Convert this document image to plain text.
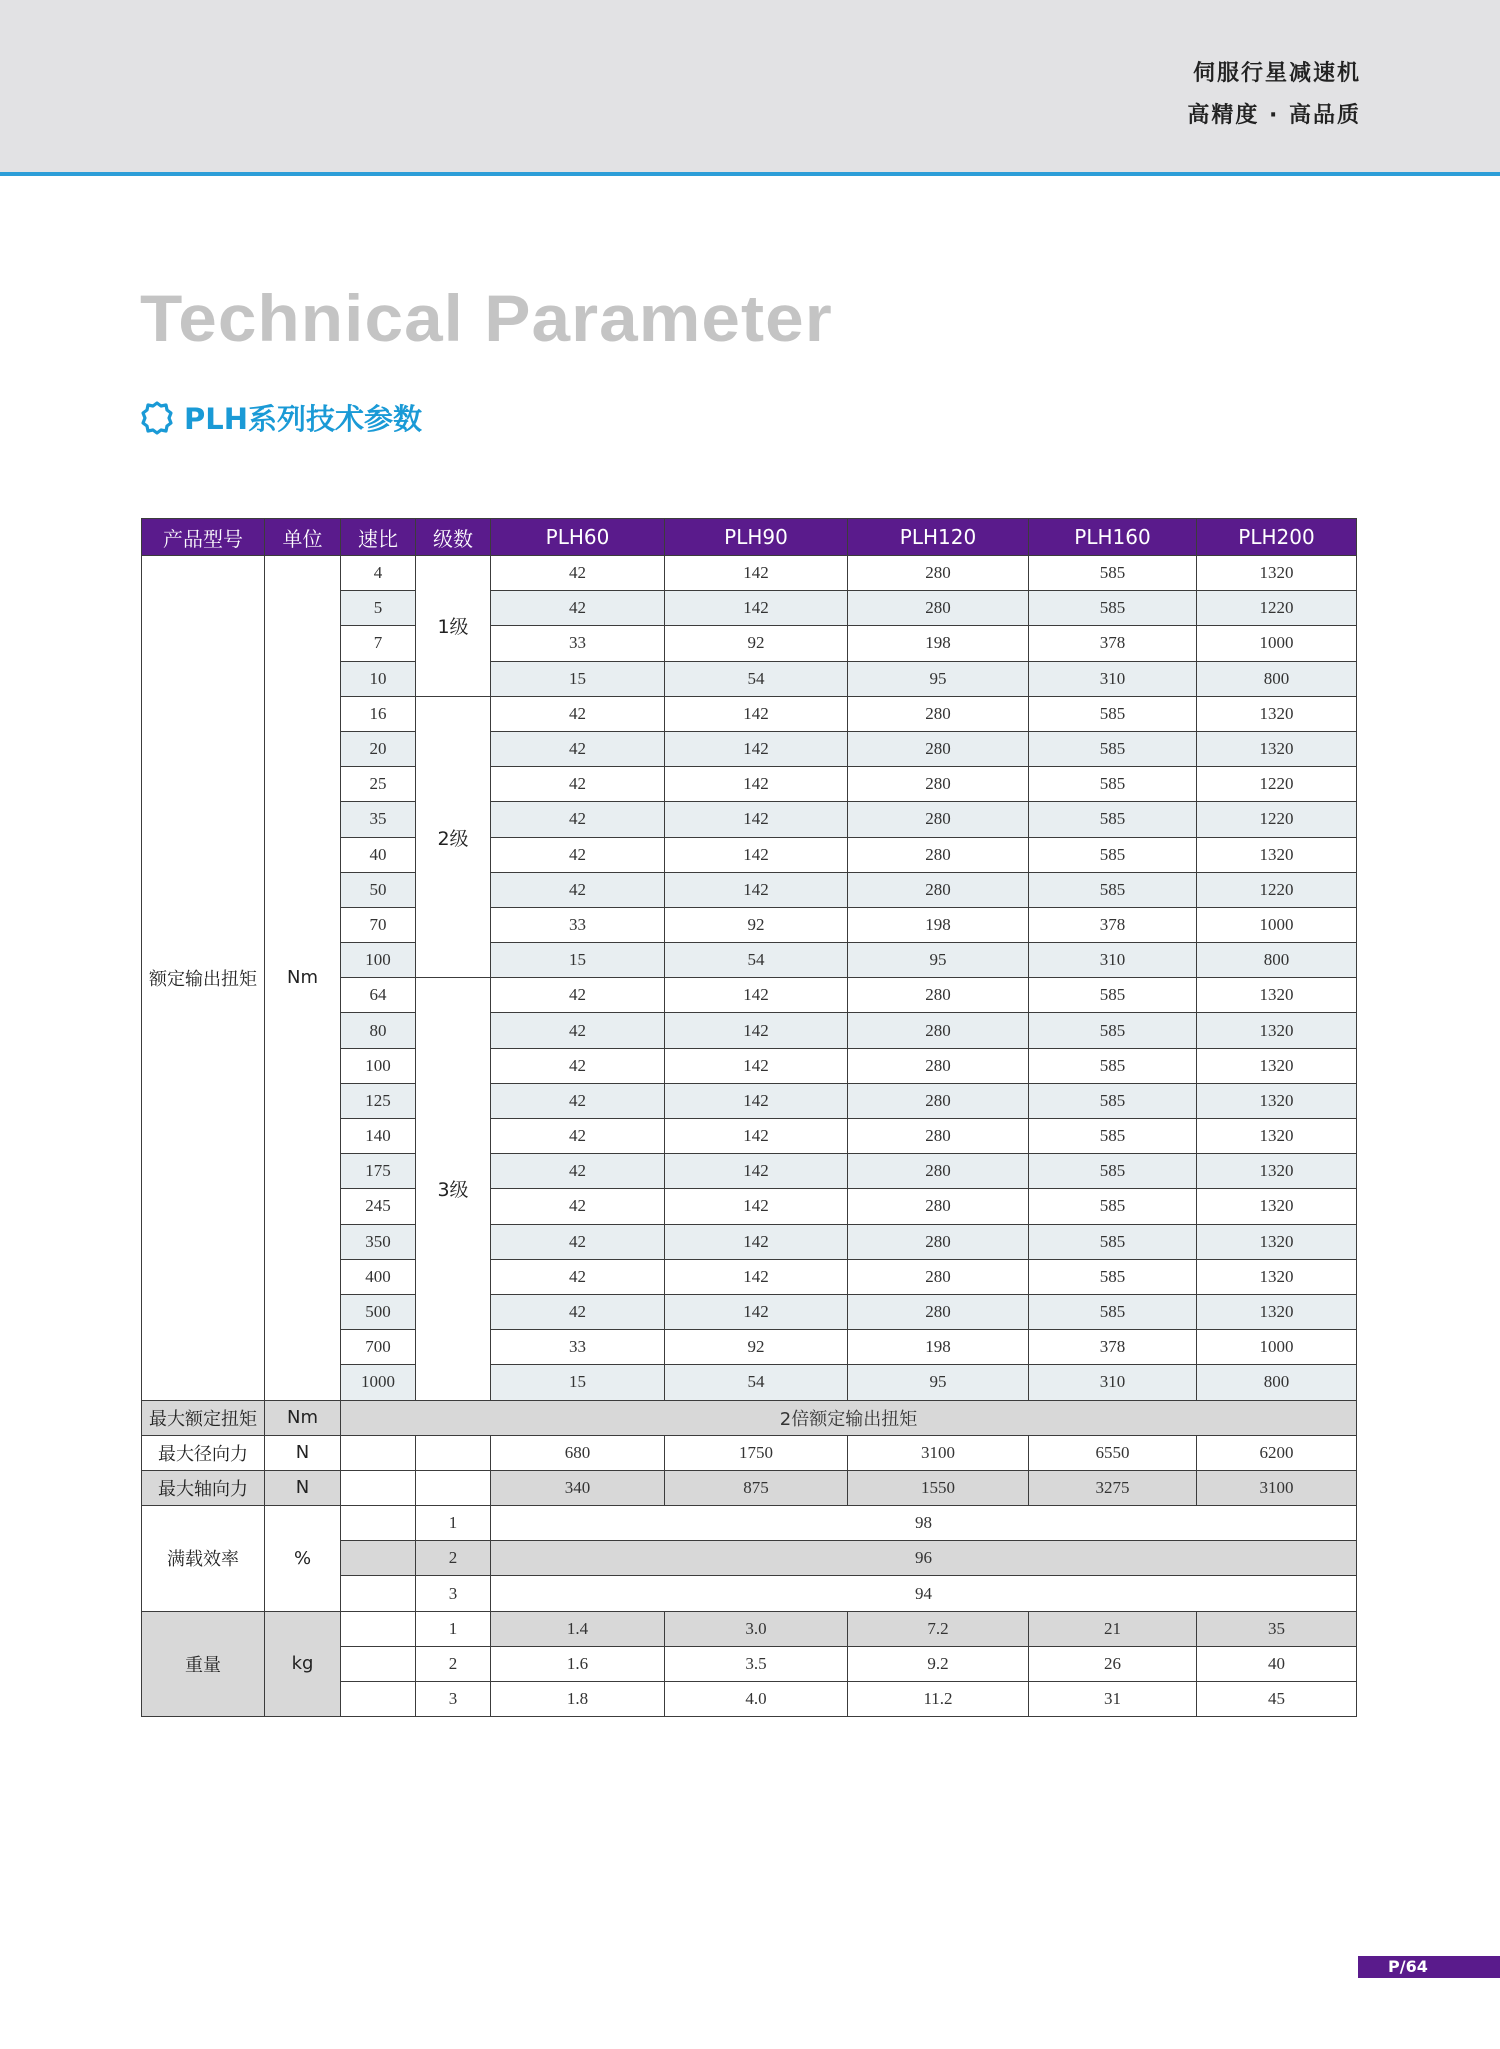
伺服行星减速机
高精度 · 高品质
Technical Parameter
PLH系列技术参数
产品型号	单位	速比	级数	PLH60	PLH90	PLH120	PLH160	PLH200
额定输出扭矩	Nm	4	1级	42	142	280	585	1320
		5		42	142	280	585	1220
		7		33	92	198	378	1000
		10		15	54	95	310	800
		16	2级	42	142	280	585	1320
		20		42	142	280	585	1320
		25		42	142	280	585	1220
		35		42	142	280	585	1220
		40		42	142	280	585	1320
		50		42	142	280	585	1220
		70		33	92	198	378	1000
		100		15	54	95	310	800
		64	3级	42	142	280	585	1320
		80		42	142	280	585	1320
		100		42	142	280	585	1320
		125		42	142	280	585	1320
		140		42	142	280	585	1320
		175		42	142	280	585	1320
		245		42	142	280	585	1320
		350		42	142	280	585	1320
		400		42	142	280	585	1320
		500		42	142	280	585	1320
		700		33	92	198	378	1000
		1000		15	54	95	310	800
最大额定扭矩	Nm	2倍额定输出扭矩						
最大径向力	N			680	1750	3100	6550	6200
最大轴向力	N			340	875	1550	3275	3100
满载效率	%		1	98				
			2	96				
			3	94				
重量	kg		1	1.4	3.0	7.2	21	35
			2	1.6	3.5	9.2	26	40
			3	1.8	4.0	11.2	31	45
P/64
